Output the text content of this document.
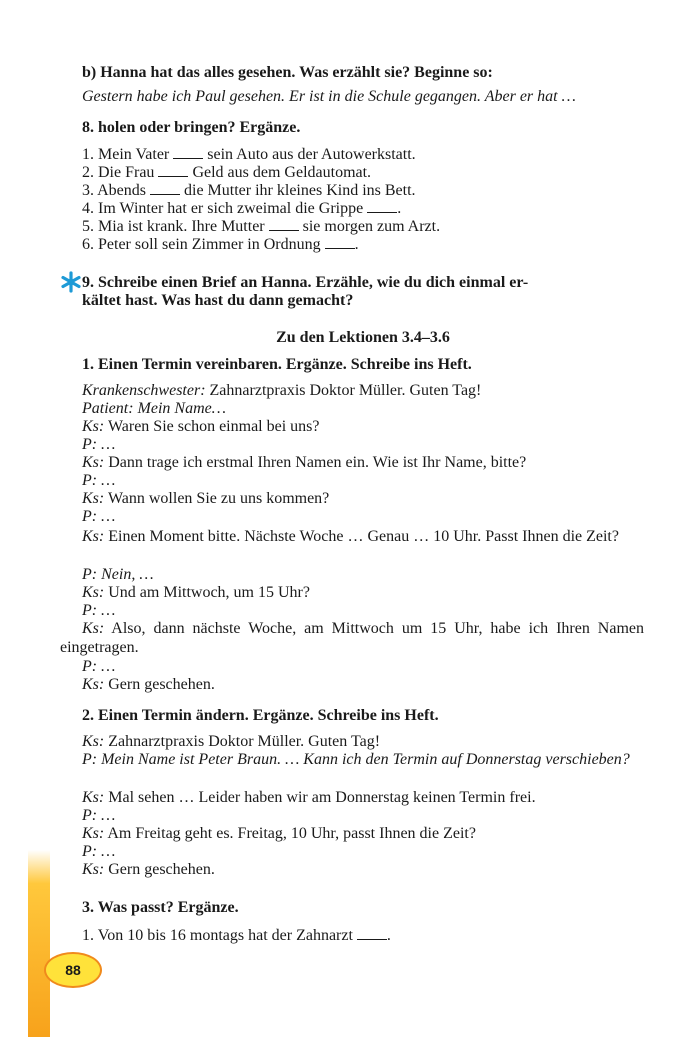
88
b) Hanna hat das alles gesehen. Was erzählt sie? Beginne so:
Gestern habe ich Paul gesehen. Er ist in die Schule gegangen. Aber er hat …
8. holen oder bringen? Ergänze.
1. Mein Vater  sein Auto aus der Autowerkstatt.
2. Die Frau  Geld aus dem Geldautomat.
3. Abends  die Mutter ihr kleines Kind ins Bett.
4. Im Winter hat er sich zweimal die Grippe .
5. Mia ist krank. Ihre Mutter  sie morgen zum Arzt.
6. Peter soll sein Zimmer in Ordnung .
9. Schreibe einen Brief an Hanna. Erzähle, wie du dich einmal er-
kältet hast. Was hast du dann gemacht?
Zu den Lektionen 3.4–3.6
1. Einen Termin vereinbaren. Ergänze. Schreibe ins Heft.
Krankenschwester: Zahnarztpraxis Doktor Müller. Guten Tag!
Patient: Mein Name…
Ks: Waren Sie schon einmal bei uns?
P: …
Ks: Dann trage ich erstmal Ihren Namen ein. Wie ist Ihr Name, bitte?
P: …
Ks: Wann wollen Sie zu uns kommen?
P: …
Ks: Einen Moment bitte. Nächste Woche … Genau … 10 Uhr. Passt Ihnen die Zeit?
P: Nein, …
Ks: Und am Mittwoch, um 15 Uhr?
P: …
Ks: Also, dann nächste Woche, am Mittwoch um 15 Uhr, habe ich Ihren Namen eingetragen.
P: …
Ks: Gern geschehen.
2. Einen Termin ändern. Ergänze. Schreibe ins Heft.
Ks: Zahnarztpraxis Doktor Müller. Guten Tag!
P: Mein Name ist Peter Braun. … Kann ich den Termin auf Donnerstag verschieben?
Ks: Mal sehen … Leider haben wir am Donnerstag keinen Termin frei.
P: …
Ks: Am Freitag geht es. Freitag, 10 Uhr, passt Ihnen die Zeit?
P: …
Ks: Gern geschehen.
3. Was passt? Ergänze.
1. Von 10 bis 16 montags hat der Zahnarzt .
